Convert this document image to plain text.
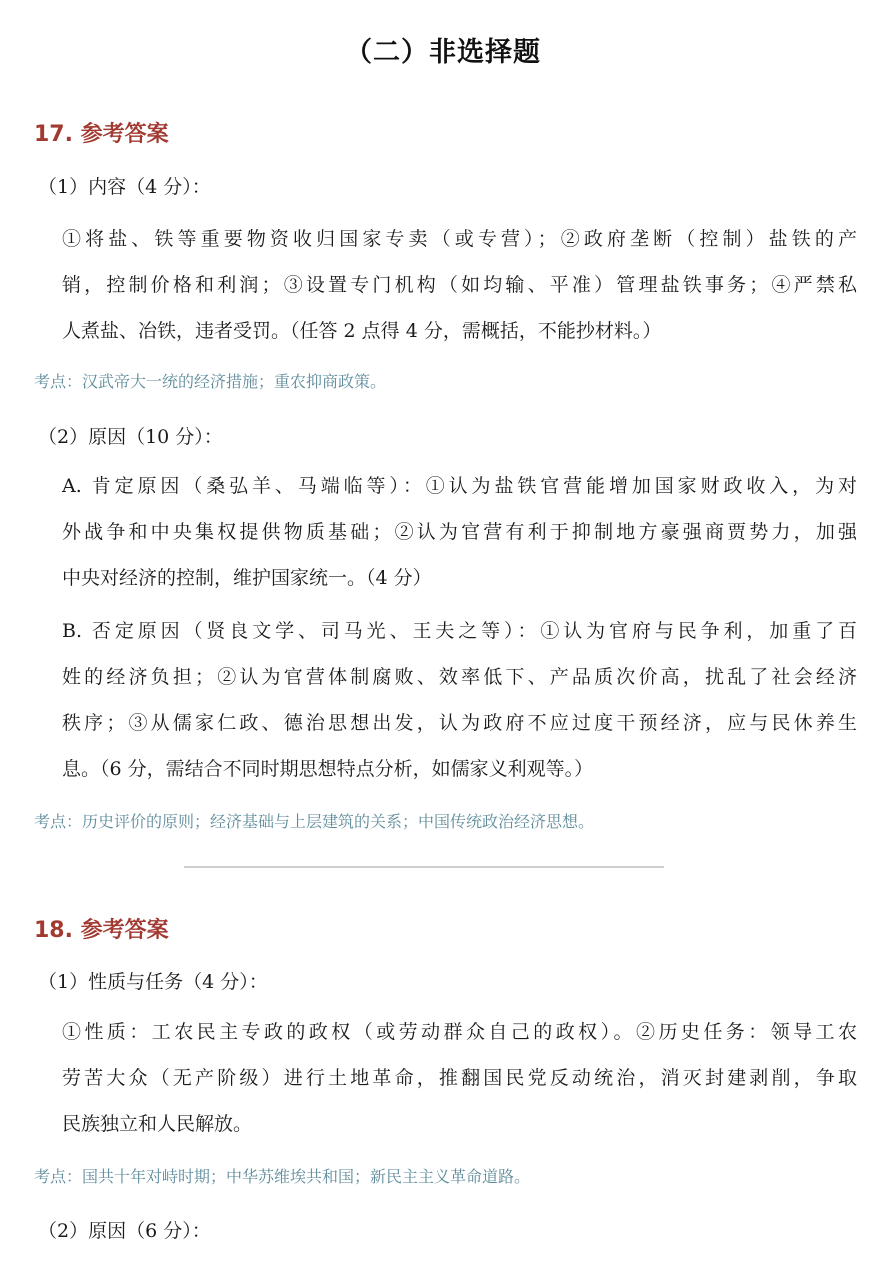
（二）非选择题
17. 参考答案
（1）内容（4 分）：
①将盐、铁等重要物资收归国家专卖（或专营）；②政府垄断（控制）盐铁的产
销，控制价格和利润；③设置专门机构（如均输、平准）管理盐铁事务；④严禁私
人煮盐、冶铁，违者受罚。（任答 2 点得 4 分，需概括，不能抄材料。）
考点：汉武帝大一统的经济措施；重农抑商政策。
（2）原因（10 分）：
A. 肯定原因（桑弘羊、马端临等）：①认为盐铁官营能增加国家财政收入，为对
外战争和中央集权提供物质基础；②认为官营有利于抑制地方豪强商贾势力，加强
中央对经济的控制，维护国家统一。（4 分）
B. 否定原因（贤良文学、司马光、王夫之等）：①认为官府与民争利，加重了百
姓的经济负担；②认为官营体制腐败、效率低下、产品质次价高，扰乱了社会经济
秩序；③从儒家仁政、德治思想出发，认为政府不应过度干预经济，应与民休养生
息。（6 分，需结合不同时期思想特点分析，如儒家义利观等。）
考点：历史评价的原则；经济基础与上层建筑的关系；中国传统政治经济思想。
18. 参考答案
（1）性质与任务（4 分）：
①性质：工农民主专政的政权（或劳动群众自己的政权）。②历史任务：领导工农
劳苦大众（无产阶级）进行土地革命，推翻国民党反动统治，消灭封建剥削，争取
民族独立和人民解放。
考点：国共十年对峙时期；中华苏维埃共和国；新民主主义革命道路。
（2）原因（6 分）：
